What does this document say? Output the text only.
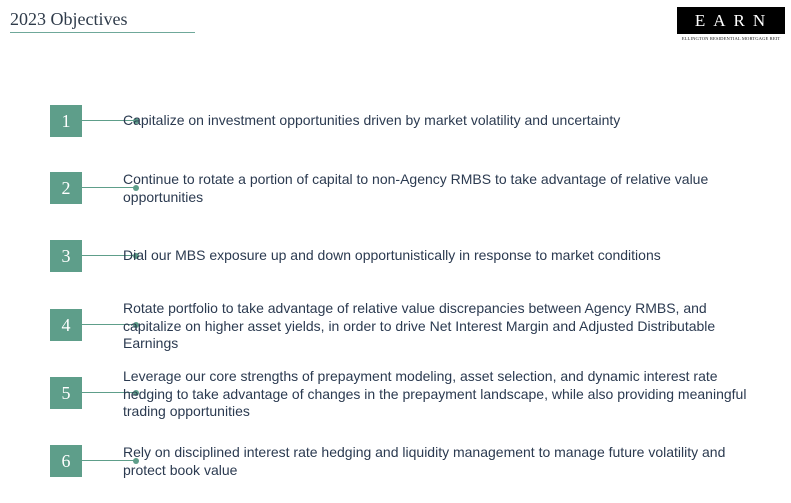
2023 Objectives	EARN
ELLINGTON RESIDENTIAL MORTGAGE REIT
1	Capitalize on investment opportunities driven by market volatility and uncertainty
2	Continue to rotate a portion of capital to non-Agency RMBS to take advantage of relative value opportunities
3	Dial our MBS exposure up and down opportunistically in response to market conditions
4
Rotate portfolio to take advantage of relative value discrepancies between Agency RMBS, and capitalize on higher asset yields, in order to drive Net Interest Margin and Adjusted Distributable Earnings
5
Leverage our core strengths of prepayment modeling, asset selection, and dynamic interest rate hedging to take advantage of changes in the prepayment landscape, while also providing meaningful trading opportunities
6	Rely on disciplined interest rate hedging and liquidity management to manage future volatility and protect book value
